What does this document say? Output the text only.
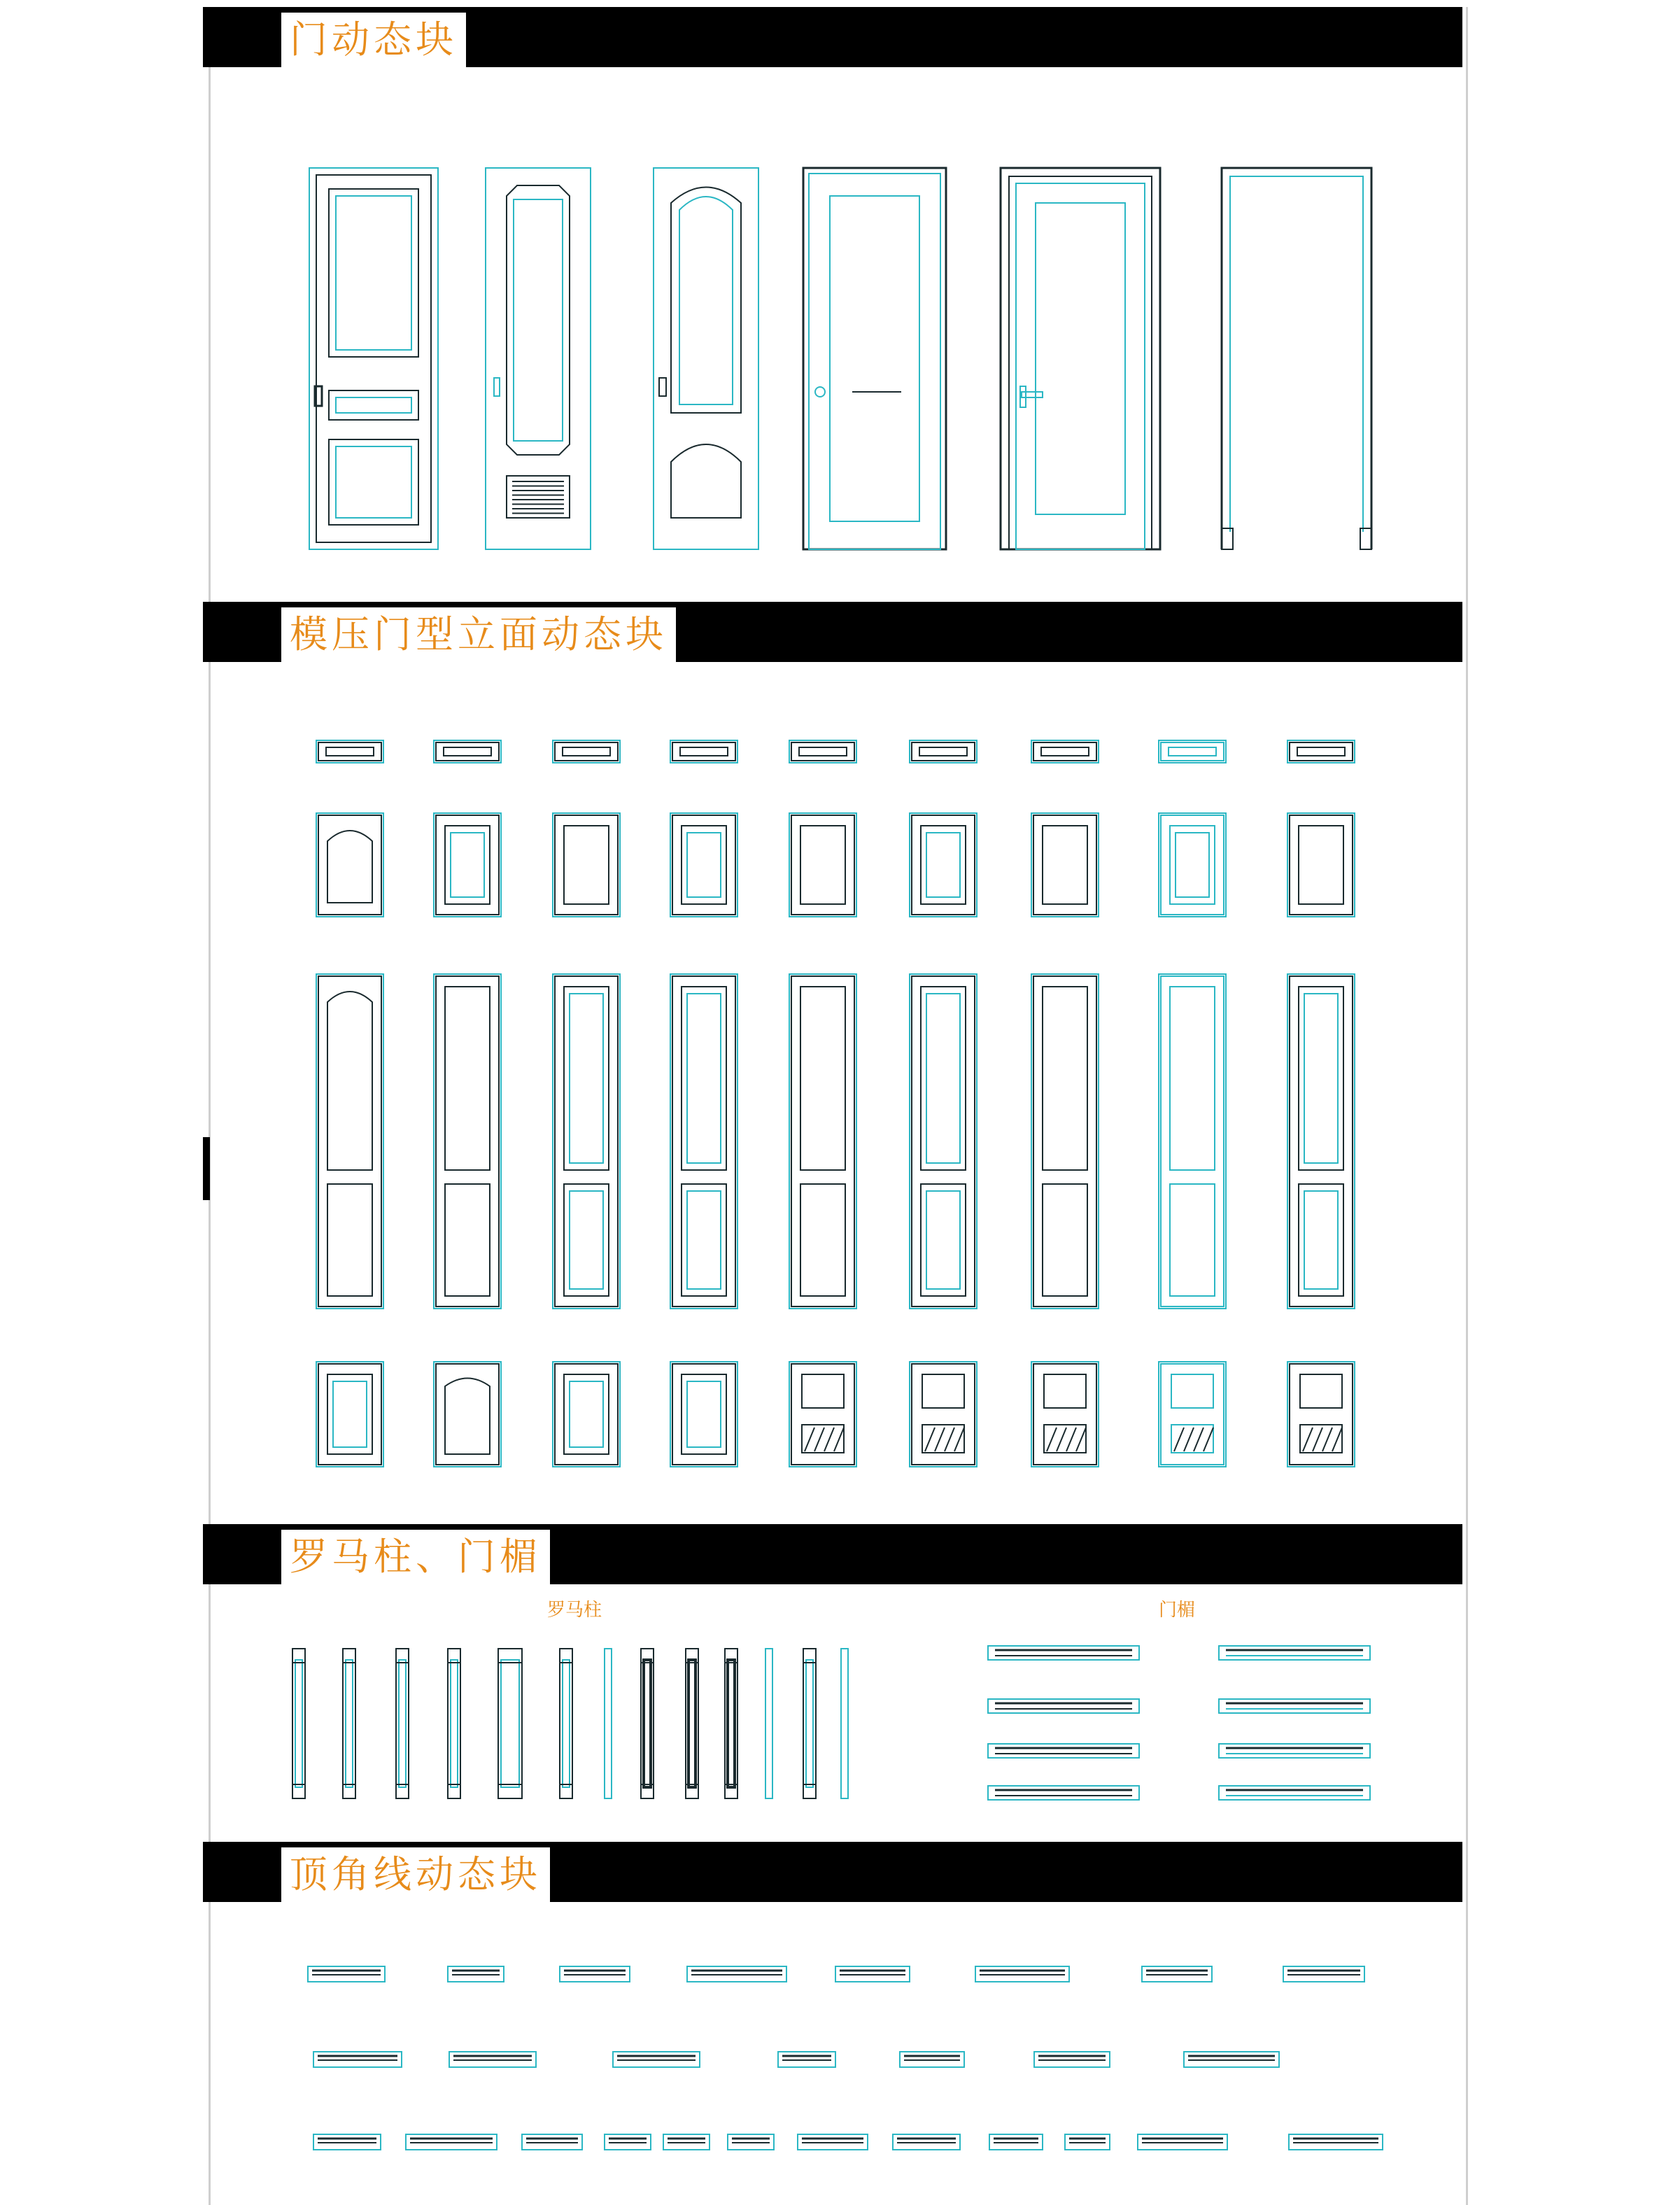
门动态块
模压门型立面动态块
罗马柱、门楣
顶角线动态块
罗马柱	门楣
